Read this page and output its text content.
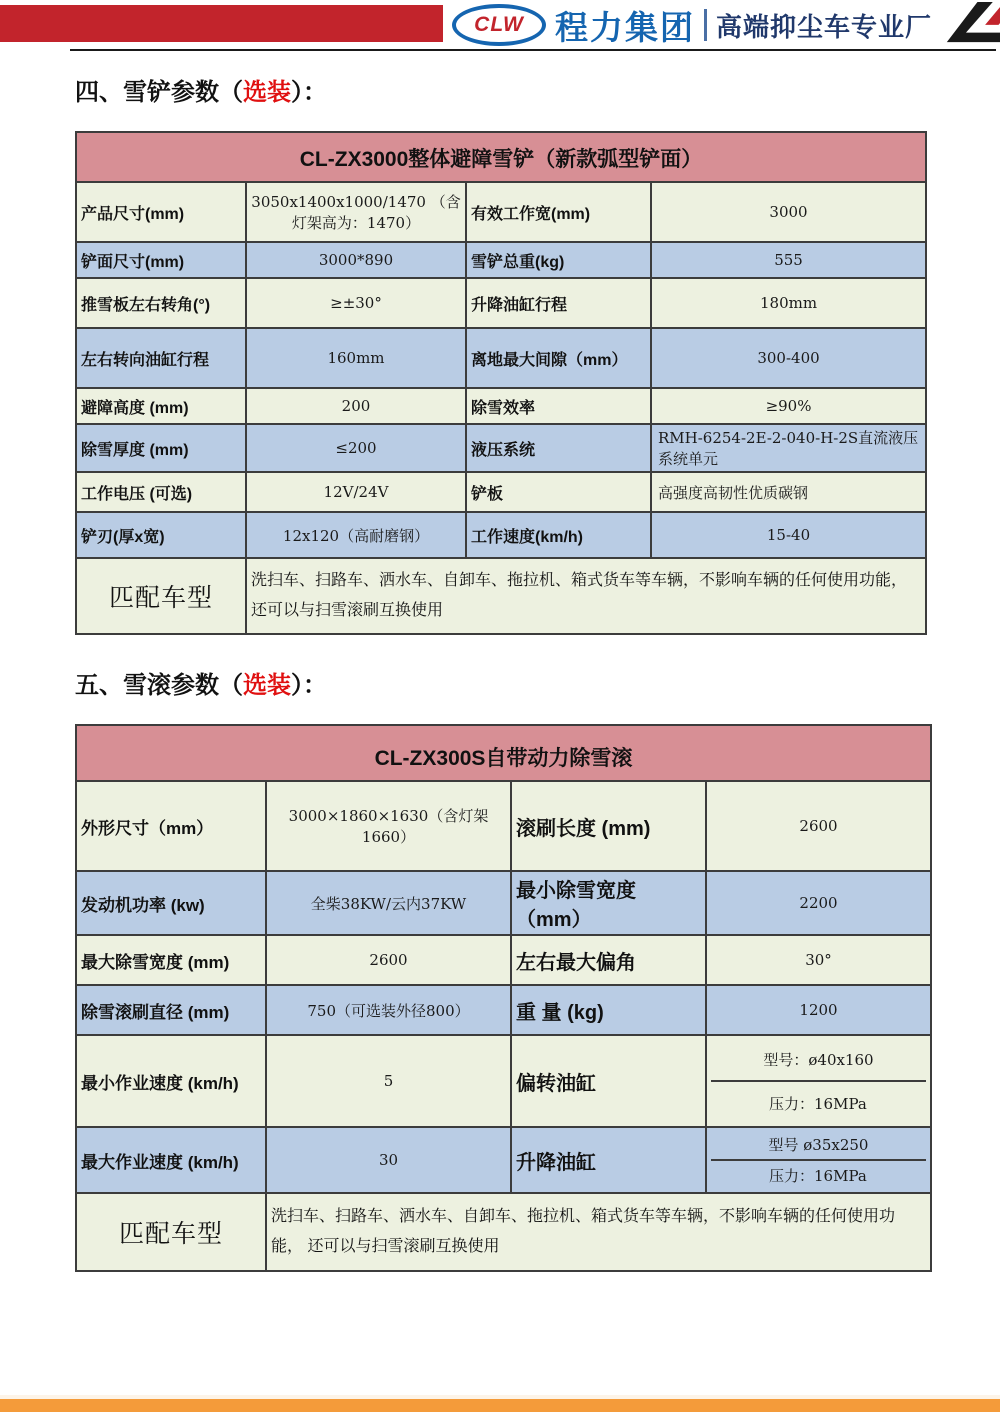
CLW 程力集团 高端抑尘车专业厂
四、雪铲参数（选装）：
CL-ZX3000整体避障雪铲（新款弧型铲面）			
产品尺寸(mm)	3050x1400x1000/1470 （含灯架高为：1470）	有效工作宽(mm)	3000
铲面尺寸(mm)	3000*890	雪铲总重(kg)	555
推雪板左右转角(°)	≥±30°	升降油缸行程	180mm
左右转向油缸行程	160mm	离地最大间隙（mm）	300-400
避障高度 (mm)	200	除雪效率	≥90%
除雪厚度 (mm)	≤200	液压系统	RMH-6254-2E-2-040-H-2S直流液压系统单元
工作电压 (可选)	12V/24V	铲板	高强度高韧性优质碳钢
铲刃(厚x宽)	12x120（高耐磨钢）	工作速度(km/h)	15-40
匹配车型	洗扫车、扫路车、洒水车、自卸车、拖拉机、箱式货车等车辆，不影响车辆的任何使用功能， 还可以与扫雪滚刷互换使用		
五、雪滚参数（选装）：
CL-ZX300S自带动力除雪滚			
外形尺寸（mm）	3000×1860×1630（含灯架 1660）	滚刷长度 (mm)	2600
发动机功率 (kw)	全柴38KW/云内37KW	最小除雪宽度（mm）	2200
最大除雪宽度 (mm)	2600	左右最大偏角	30°
除雪滚刷直径 (mm)	750（可选装外径800）	重 量 (kg)	1200
最小作业速度 (km/h)	5	偏转油缸	型号：ø40x160
压力：16MPa

最大作业速度 (km/h)	30	升降油缸	型号 ø35x250
压力：16MPa

匹配车型	洗扫车、扫路车、洒水车、自卸车、拖拉机、箱式货车等车辆，不影响车辆的任何使用功能， 还可以与扫雪滚刷互换使用		
